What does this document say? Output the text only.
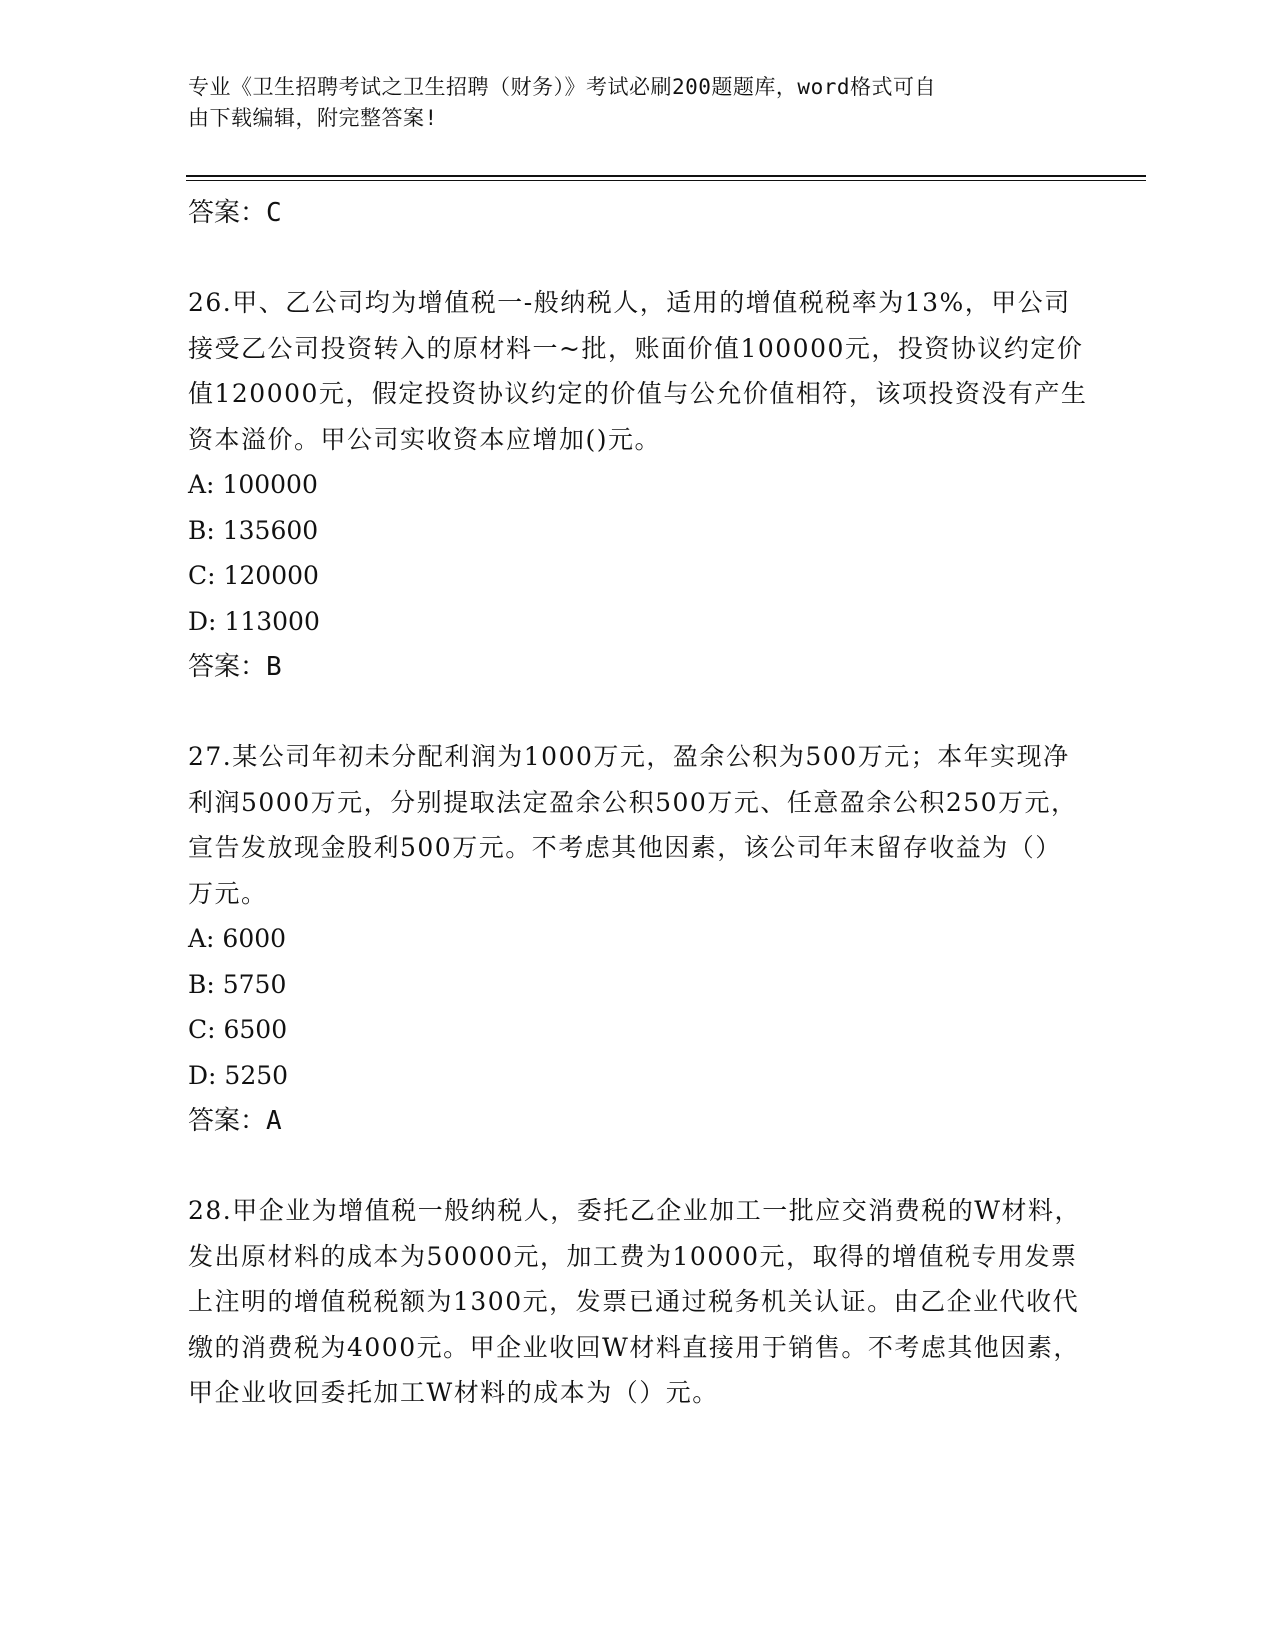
专业《卫生招聘考试之卫生招聘（财务）》考试必刷200题题库，word格式可自
由下载编辑，附完整答案!
答案：C
26.甲、乙公司均为增值税一-般纳税人，适用的增值税税率为13%，甲公司接受乙公司投资转入的原材料一~批，账面价值100000元，投资协议约定价值120000元，假定投资协议约定的价值与公允价值相符，该项投资没有产生资本溢价。甲公司实收资本应增加()元。
A: 100000
B: 135600
C: 120000
D: 113000
答案：B
27.某公司年初未分配利润为1000万元，盈余公积为500万元；本年实现净利润5000万元，分别提取法定盈余公积500万元、任意盈余公积250万元，宣告发放现金股利500万元。不考虑其他因素，该公司年末留存收益为（）万元。
A: 6000
B: 5750
C: 6500
D: 5250
答案：A
28.甲企业为增值税一般纳税人，委托乙企业加工一批应交消费税的W材料，发出原材料的成本为50000元，加工费为10000元，取得的增值税专用发票上注明的增值税税额为1300元，发票已通过税务机关认证。由乙企业代收代缴的消费税为4000元。甲企业收回W材料直接用于销售。不考虑其他因素，甲企业收回委托加工W材料的成本为（）元。
